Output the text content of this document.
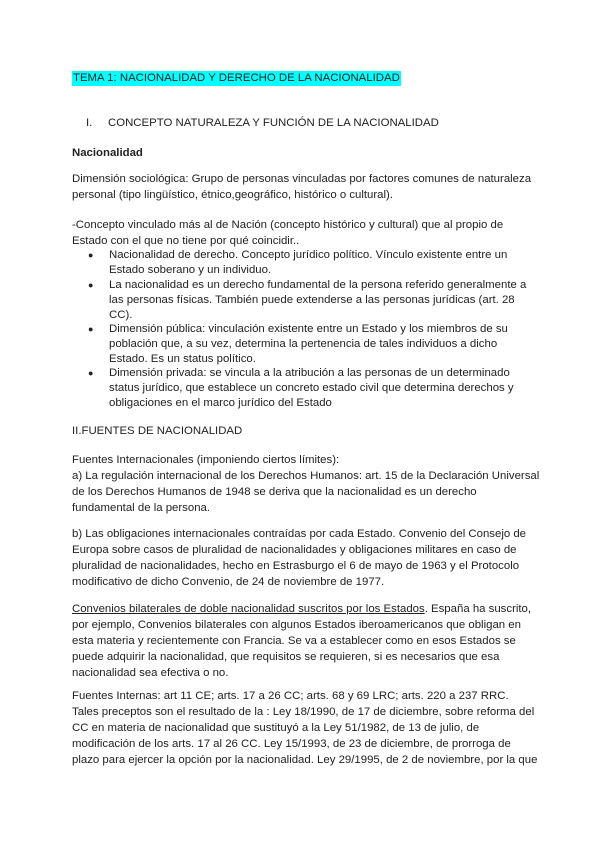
TEMA 1: NACIONALIDAD Y DERECHO DE LA NACIONALIDAD
I. CONCEPTO NATURALEZA Y FUNCIÓN DE LA NACIONALIDAD
Nacionalidad
Dimensión sociológica: Grupo de personas vinculadas por factores comunes de naturaleza
personal (tipo lingüístico, étnico,geográfico, histórico o cultural).
-Concepto vinculado más al de Nación (concepto histórico y cultural) que al propio de
Estado con el que no tiene por qué coincidir..
●	Nacionalidad de derecho. Concepto jurídico político. Vínculo existente entre un
Estado soberano y un individuo.
●	La nacionalidad es un derecho fundamental de la persona referido generalmente a
las personas físicas. También puede extenderse a las personas jurídicas (art. 28
CC).
●	Dimensión pública: vinculación existente entre un Estado y los miembros de su
población que, a su vez, determina la pertenencia de tales individuos a dicho
Estado. Es un status político.
●	Dimensión privada: se vincula a la atribución a las personas de un determinado
status jurídico, que establece un concreto estado civil que determina derechos y
obligaciones en el marco jurídico del Estado
II.FUENTES DE NACIONALIDAD
Fuentes Internacionales (imponiendo ciertos límites):
a) La regulación internacional de los Derechos Humanos: art. 15 de la Declaración Universal
de los Derechos Humanos de 1948 se deriva que la nacionalidad es un derecho
fundamental de la persona.
b) Las obligaciones internacionales contraídas por cada Estado. Convenio del Consejo de
Europa sobre casos de pluralidad de nacionalidades y obligaciones militares en caso de
pluralidad de nacionalidades, hecho en Estrasburgo el 6 de mayo de 1963 y el Protocolo
modificativo de dicho Convenio, de 24 de noviembre de 1977.
Convenios bilaterales de doble nacionalidad suscritos por los Estados. España ha suscrito,
por ejemplo, Convenios bilaterales con algunos Estados iberoamericanos que obligan en
esta materia y recientemente con Francia. Se va a establecer como en esos Estados se
puede adquirir la nacionalidad, que requisitos se requieren, si es necesarios que esa
nacionalidad sea efectiva o no.
Fuentes Internas: art 11 CE; arts. 17 a 26 CC; arts. 68 y 69 LRC; arts. 220 a 237 RRC.
Tales preceptos son el resultado de la : Ley 18/1990, de 17 de diciembre, sobre reforma del
CC en materia de nacionalidad que sustituyó a la Ley 51/1982, de 13 de julio, de
modificación de los arts. 17 al 26 CC. Ley 15/1993, de 23 de diciembre, de prorroga de
plazo para ejercer la opción por la nacionalidad. Ley 29/1995, de 2 de noviembre, por la que
